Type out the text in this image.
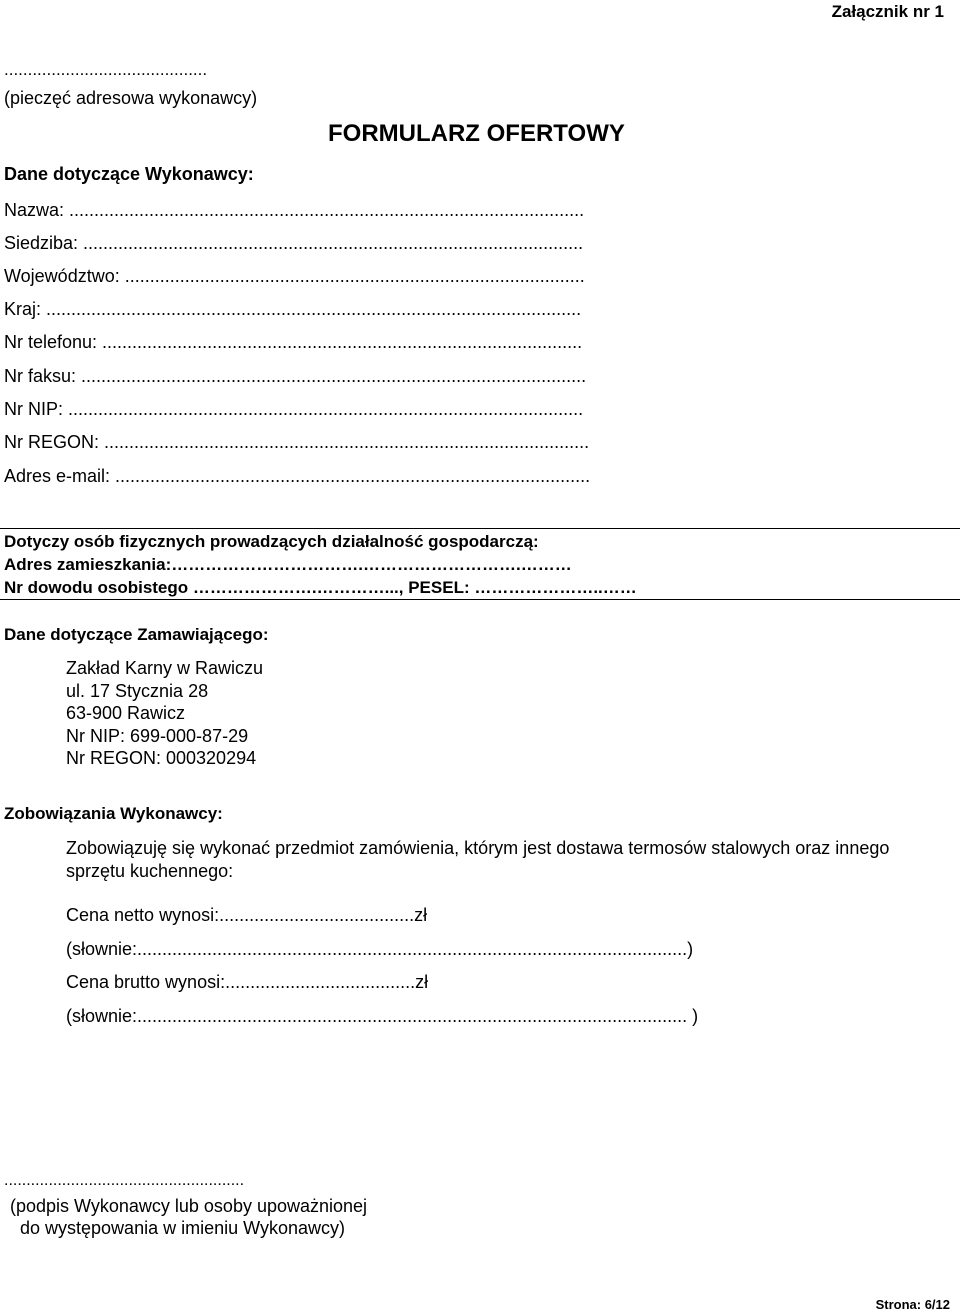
Załącznik nr 1
...........................................
(pieczęć adresowa wykonawcy)
FORMULARZ OFERTOWY
Dane dotyczące Wykonawcy:
Nazwa: .......................................................................................................
Siedziba: ....................................................................................................
Województwo: ............................................................................................
Kraj: ...........................................................................................................
Nr telefonu: ................................................................................................
Nr faksu: .....................................................................................................
Nr NIP: .......................................................................................................
Nr REGON: .................................................................................................
Adres e-mail: ...............................................................................................
Dotyczy osób fizycznych prowadzących działalność gospodarczą:
Adres zamieszkania:…………………………….……………………….………
Nr dowodu osobistego ………………….…………..., PESEL: …………………..……
Dane dotyczące Zamawiającego:
Zakład Karny w Rawiczu
ul. 17 Stycznia 28
63-900 Rawicz
Nr NIP: 699-000-87-29
Nr REGON: 000320294
Zobowiązania Wykonawcy:
Zobowiązuję się wykonać przedmiot zamówienia, którym jest dostawa termosów stalowych oraz innego
sprzętu kuchennego:
Cena netto wynosi:.......................................zł
(słownie:..............................................................................................................)
Cena brutto wynosi:......................................zł
(słownie:.............................................................................................................. )
......................................................
(podpis Wykonawcy lub osoby upoważnionej
do występowania w imieniu Wykonawcy)
Strona: 6/12
